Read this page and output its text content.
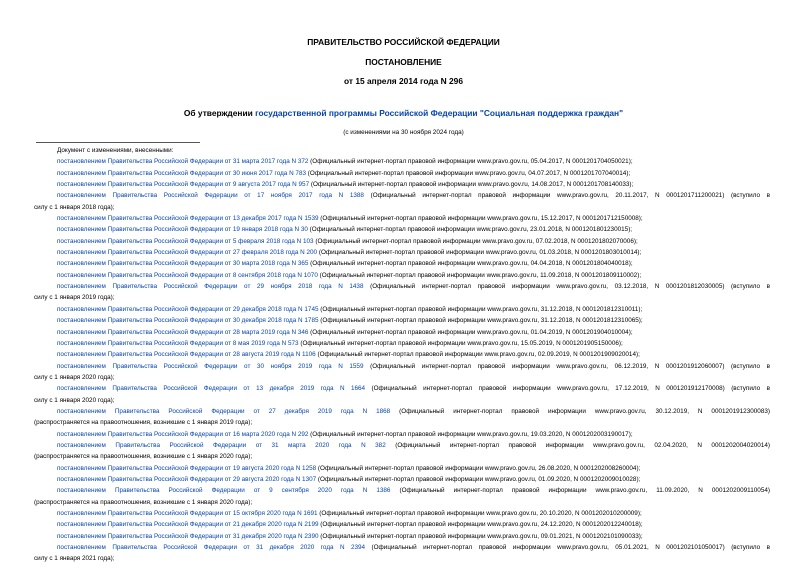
ПРАВИТЕЛЬСТВО РОССИЙСКОЙ ФЕДЕРАЦИИ
ПОСТАНОВЛЕНИЕ
от 15 апреля 2014 года N 296
Об утверждении государственной программы Российской Федерации "Социальная поддержка граждан"
(с изменениями на 30 ноября 2024 года)
Документ с изменениями, внесенными:
постановлением Правительства Российской Федерации от 31 марта 2017 года N 372 (Официальный интернет-портал правовой информации www.pravo.gov.ru, 05.04.2017, N 0001201704050021);
постановлением Правительства Российской Федерации от 30 июня 2017 года N 783 (Официальный интернет-портал правовой информации www.pravo.gov.ru, 04.07.2017, N 0001201707040014);
постановлением Правительства Российской Федерации от 9 августа 2017 года N 957 (Официальный интернет-портал правовой информации www.pravo.gov.ru, 14.08.2017, N 0001201708140033);
постановлением Правительства Российской Федерации от 17 ноября 2017 года N 1388 (Официальный интернет-портал правовой информации www.pravo.gov.ru, 20.11.2017, N 0001201711200021) (вступило в
силу с 1 января 2018 года);
постановлением Правительства Российской Федерации от 13 декабря 2017 года N 1539 (Официальный интернет-портал правовой информации www.pravo.gov.ru, 15.12.2017, N 0001201712150008);
постановлением Правительства Российской Федерации от 19 января 2018 года N 30 (Официальный интернет-портал правовой информации www.pravo.gov.ru, 23.01.2018, N 0001201801230015);
постановлением Правительства Российской Федерации от 5 февраля 2018 года N 103 (Официальный интернет-портал правовой информации www.pravo.gov.ru, 07.02.2018, N 0001201802070006);
постановлением Правительства Российской Федерации от 27 февраля 2018 года N 200 (Официальный интернет-портал правовой информации www.pravo.gov.ru, 01.03.2018, N 0001201803010014);
постановлением Правительства Российской Федерации от 30 марта 2018 года N 365 (Официальный интернет-портал правовой информации www.pravo.gov.ru, 04.04.2018, N 0001201804040018);
постановлением Правительства Российской Федерации от 8 сентября 2018 года N 1070 (Официальный интернет-портал правовой информации www.pravo.gov.ru, 11.09.2018, N 0001201809110002);
постановлением Правительства Российской Федерации от 29 ноября 2018 года N 1438 (Официальный интернет-портал правовой информации www.pravo.gov.ru, 03.12.2018, N 0001201812030005) (вступило в
силу с 1 января 2019 года);
постановлением Правительства Российской Федерации от 29 декабря 2018 года N 1745 (Официальный интернет-портал правовой информации www.pravo.gov.ru, 31.12.2018, N 0001201812310011);
постановлением Правительства Российской Федерации от 30 декабря 2018 года N 1785 (Официальный интернет-портал правовой информации www.pravo.gov.ru, 31.12.2018, N 0001201812310065);
постановлением Правительства Российской Федерации от 28 марта 2019 года N 346 (Официальный интернет-портал правовой информации www.pravo.gov.ru, 01.04.2019, N 0001201904010004);
постановлением Правительства Российской Федерации от 8 мая 2019 года N 573 (Официальный интернет-портал правовой информации www.pravo.gov.ru, 15.05.2019, N 0001201905150006);
постановлением Правительства Российской Федерации от 28 августа 2019 года N 1106 (Официальный интернет-портал правовой информации www.pravo.gov.ru, 02.09.2019, N 0001201909020014);
постановлением Правительства Российской Федерации от 30 ноября 2019 года N 1559 (Официальный интернет-портал правовой информации www.pravo.gov.ru, 06.12.2019, N 0001201912060007) (вступило в
силу с 1 января 2020 года);
постановлением Правительства Российской Федерации от 13 декабря 2019 года N 1664 (Официальный интернет-портал правовой информации www.pravo.gov.ru, 17.12.2019, N 0001201912170008) (вступило в
силу с 1 января 2020 года);
постановлением Правительства Российской Федерации от 27 декабря 2019 года N 1868 (Официальный интернет-портал правовой информации www.pravo.gov.ru, 30.12.2019, N 0001201912300083)
(распространяется на правоотношения, возникшие с 1 января 2019 года);
постановлением Правительства Российской Федерации от 16 марта 2020 года N 292 (Официальный интернет-портал правовой информации www.pravo.gov.ru, 19.03.2020, N 0001202003190017);
постановлением Правительства Российской Федерации от 31 марта 2020 года N 382 (Официальный интернет-портал правовой информации www.pravo.gov.ru, 02.04.2020, N 0001202004020014)
(распространяется на правоотношения, возникшие с 1 января 2020 года);
постановлением Правительства Российской Федерации от 19 августа 2020 года N 1258 (Официальный интернет-портал правовой информации www.pravo.gov.ru, 26.08.2020, N 0001202008260004);
постановлением Правительства Российской Федерации от 29 августа 2020 года N 1307 (Официальный интернет-портал правовой информации www.pravo.gov.ru, 01.09.2020, N 0001202009010028);
постановлением Правительства Российской Федерации от 9 сентября 2020 года N 1386 (Официальный интернет-портал правовой информации www.pravo.gov.ru, 11.09.2020, N 0001202009110054)
(распространяется на правоотношения, возникшие с 1 января 2020 года);
постановлением Правительства Российской Федерации от 15 октября 2020 года N 1691 (Официальный интернет-портал правовой информации www.pravo.gov.ru, 20.10.2020, N 0001202010200009);
постановлением Правительства Российской Федерации от 21 декабря 2020 года N 2199 (Официальный интернет-портал правовой информации www.pravo.gov.ru, 24.12.2020, N 0001202012240018);
постановлением Правительства Российской Федерации от 31 декабря 2020 года N 2390 (Официальный интернет-портал правовой информации www.pravo.gov.ru, 09.01.2021, N 0001202101090033);
постановлением Правительства Российской Федерации от 31 декабря 2020 года N 2394 (Официальный интернет-портал правовой информации www.pravo.gov.ru, 05.01.2021, N 0001202101050017) (вступило в
силу с 1 января 2021 года);
